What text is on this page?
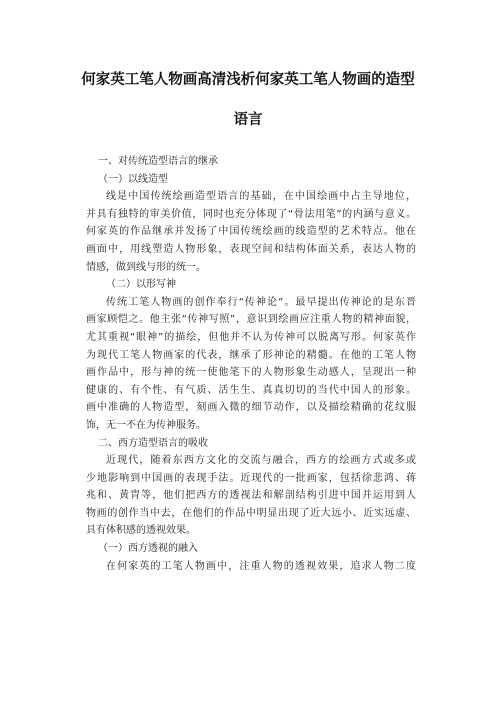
何家英工笔人物画高清浅析何家英工笔人物画的造型
语言
一、对传统造型语言的继承
（一）以线造型
线是中国传统绘画造型语言的基础，在中国绘画中占主导地位，
并具有独特的审美价值，同时也充分体现了“骨法用笔”的内涵与意义。
何家英的作品继承并发扬了中国传统绘画的线造型的艺术特点。他在
画面中，用线塑造人物形象，表现空间和结构体面关系，表达人物的
情感，做到线与形的统一。
（二）以形写神
传统工笔人物画的创作奉行“传神论”。最早提出传神论的是东晋
画家顾恺之。他主张“传神写照”，意识到绘画应注重人物的精神面貌，
尤其重视“眼神”的描绘，但他并不认为传神可以脱离写形。何家英作
为现代工笔人物画家的代表，继承了形神论的精髓。在他的工笔人物
画作品中，形与神的统一使他笔下的人物形象生动感人，呈现出一种
健康的、有个性、有气质、活生生、真真切切的当代中国人的形象。
画中准确的人物造型，刻画入微的细节动作，以及描绘精确的花纹服
饰，无一不在为传神服务。
二、西方造型语言的吸收
近现代，随着东西方文化的交流与融合，西方的绘画方式或多或
少地影响到中国画的表现手法。近现代的一批画家，包括徐悲鸿、蒋
兆和、黄胄等，他们把西方的透视法和解剖结构引进中国并运用到人
物画的创作当中去，在他们的作品中明显出现了近大远小、近实远虚、
具有体积感的透视效果。
（一）西方透视的融入
在何家英的工笔人物画中，注重人物的透视效果，追求人物二度
